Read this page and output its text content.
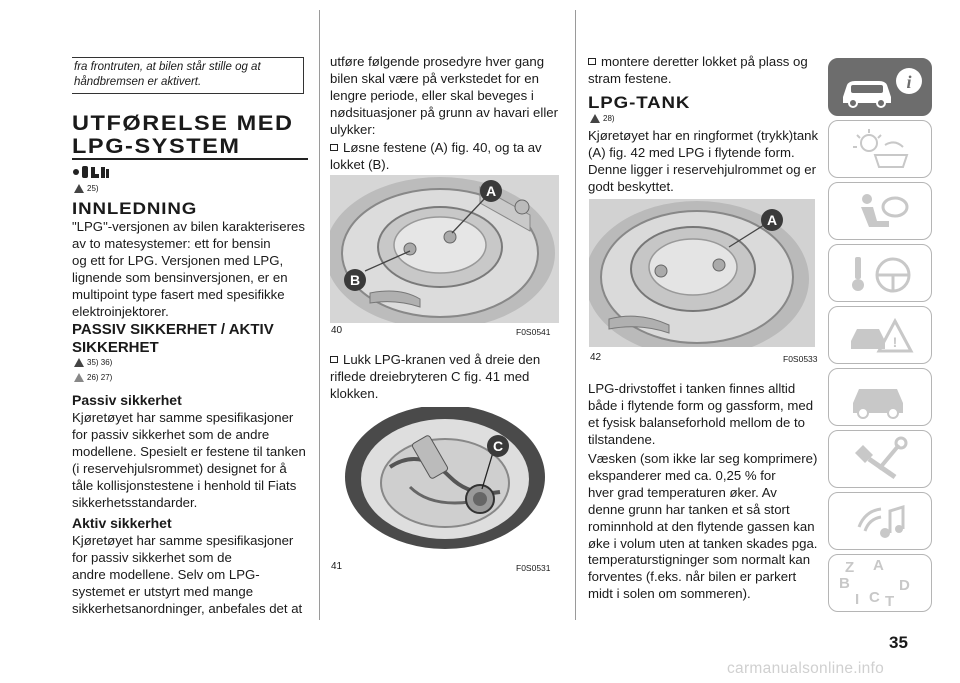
fra frontruten, at bilen står stille og at
håndbremsen er aktivert.
UTFØRELSE MED
LPG-SYSTEM
25)
INNLEDNING
"LPG"-versjonen av bilen karakteriseres
av to matesystemer: ett for bensin
og ett for LPG. Versjonen med LPG,
lignende som bensinversjonen, er en
multipoint type fasert med spesifikke
elektroinjektorer.
PASSIV SIKKERHET / AKTIV
SIKKERHET
35) 36)
26) 27)
Passiv sikkerhet
Kjøretøyet har samme spesifikasjoner
for passiv sikkerhet som de andre
modellene. Spesielt er festene til tanken
(i reservehjulsrommet) designet for å
tåle kollisjonstestene i henhold til Fiats
sikkerhetsstandarder.
Aktiv sikkerhet
Kjøretøyet har samme spesifikasjoner
for passiv sikkerhet som de
andre modellene. Selv om LPG-
systemet er utstyrt med mange
sikkerhetsanordninger, anbefales det at
utføre følgende prosedyre hver gang
bilen skal være på verkstedet for en
lengre periode, eller skal beveges i
nødsituasjoner på grunn av havari eller
ulykker:
Løsne festene (A) fig. 40, og ta av
lokket (B).
A
B
40	F0S0541
Lukk LPG-kranen ved å dreie den
riflede dreiebryteren C fig. 41 med
klokken.
C
41	F0S0531
montere deretter lokket på plass og
stram festene.
LPG-TANK
28)
Kjøretøyet har en ringformet (trykk)tank
(A) fig. 42 med LPG i flytende form.
Denne ligger i reservehjulrommet og er
godt beskyttet.
A
42	F0S0533
LPG-drivstoffet i tanken finnes alltid
både i flytende form og gassform, med
et fysisk balanseforhold mellom de to
tilstandene.
Væsken (som ikke lar seg komprimere)
ekspanderer med ca. 0,25 % for
hver grad temperaturen øker. Av
denne grunn har tanken et så stort
rominnhold at den flytende gassen kan
øke i volum uten at tanken skades pga.
temperaturstigninger som normalt kan
forventes (f.eks. når bilen er parkert
midt i solen om sommeren).
i
!
Z A
B	D
I C T
35
carmanualsonline.info
